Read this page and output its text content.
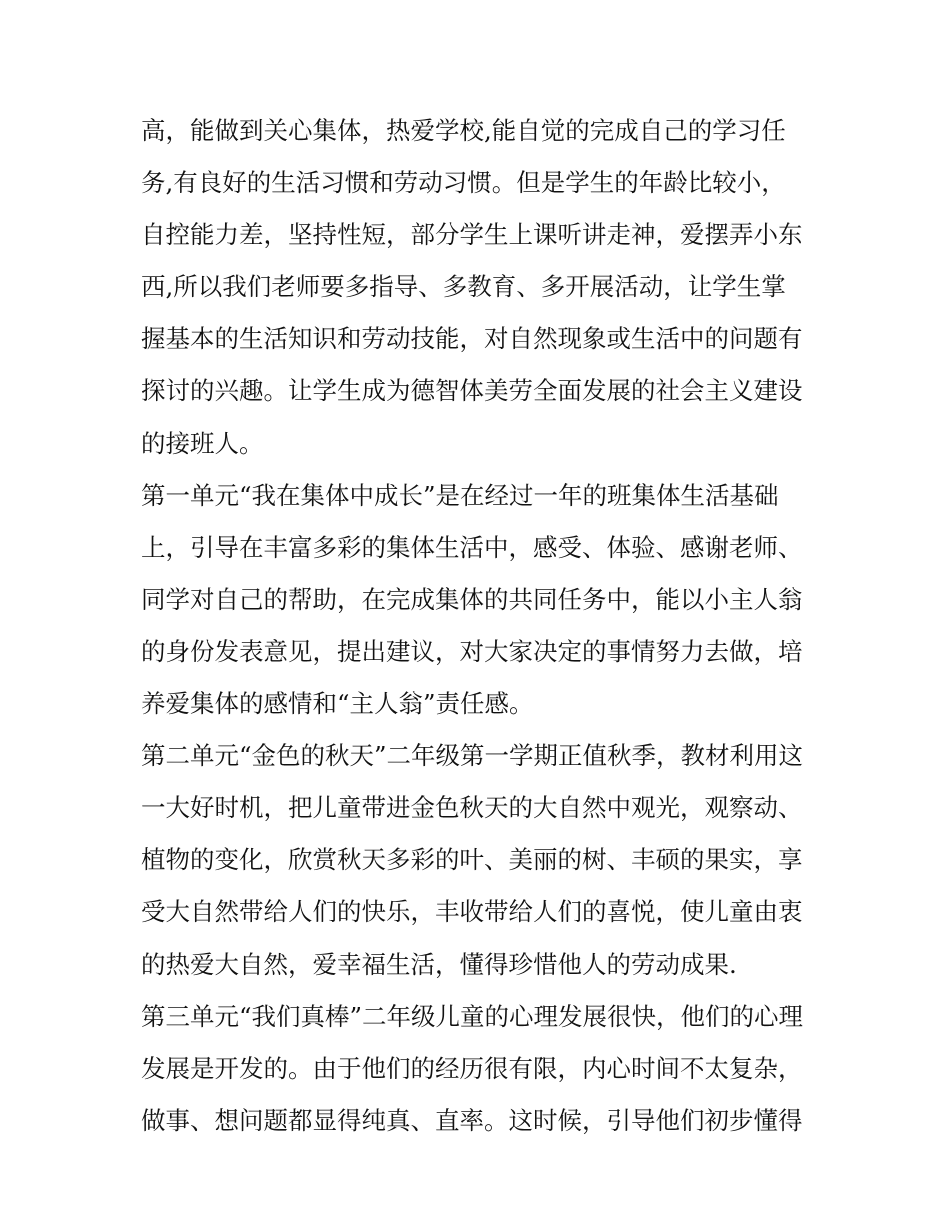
高，能做到关心集体，热爱学校,能自觉的完成自己的学习任
务,有良好的生活习惯和劳动习惯。但是学生的年龄比较小，
自控能力差，坚持性短，部分学生上课听讲走神，爱摆弄小东
西,所以我们老师要多指导、多教育、多开展活动，让学生掌
握基本的生活知识和劳动技能，对自然现象或生活中的问题有
探讨的兴趣。让学生成为德智体美劳全面发展的社会主义建设
的接班人。
第一单元“我在集体中成长”是在经过一年的班集体生活基础
上，引导在丰富多彩的集体生活中，感受、体验、感谢老师、
同学对自己的帮助，在完成集体的共同任务中，能以小主人翁
的身份发表意见，提出建议，对大家决定的事情努力去做，培
养爱集体的感情和“主人翁”责任感。
第二单元“金色的秋天”二年级第一学期正值秋季，教材利用这
一大好时机，把儿童带进金色秋天的大自然中观光，观察动、
植物的变化，欣赏秋天多彩的叶、美丽的树、丰硕的果实，享
受大自然带给人们的快乐，丰收带给人们的喜悦，使儿童由衷
的热爱大自然，爱幸福生活，懂得珍惜他人的劳动成果.
第三单元“我们真棒”二年级儿童的心理发展很快，他们的心理
发展是开发的。由于他们的经历很有限，内心时间不太复杂，
做事、想问题都显得纯真、直率。这时候，引导他们初步懂得
